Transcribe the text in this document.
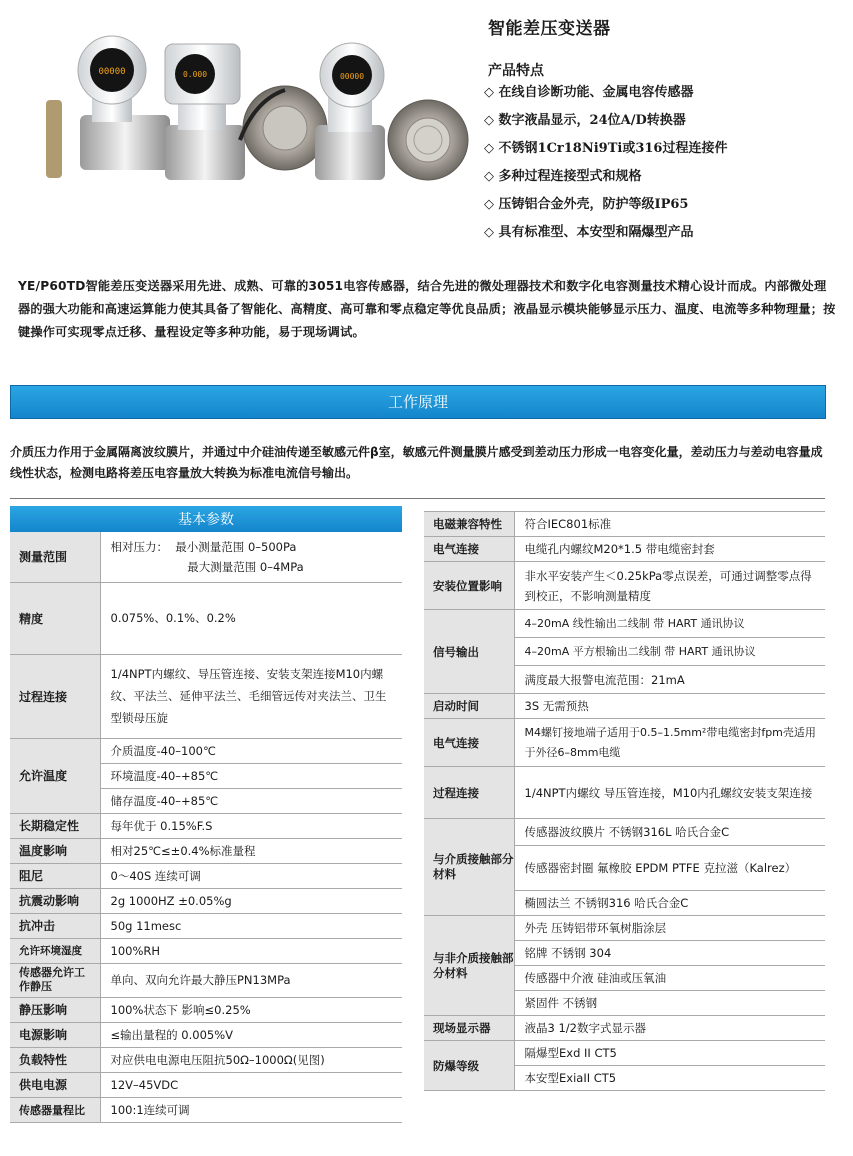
00000	0.000	00000
智能差压变送器
产品特点
◇ 在线自诊断功能、金属电容传感器
◇ 数字液晶显示，24位A/D转换器
◇ 不锈钢1Cr18Ni9Ti或316过程连接件
◇ 多种过程连接型式和规格
◇ 压铸铝合金外壳，防护等级IP65
◇ 具有标准型、本安型和隔爆型产品

YE/P60TD智能差压变送器采用先进、成熟、可靠的3051电容传感器，结合先进的微处理器技术和数字化电容测量技术精心设计而成。内部微处理器的强大功能和高速运算能力使其具备了智能化、高精度、高可靠和零点稳定等优良品质；液晶显示模块能够显示压力、温度、电流等多种物理量；按键操作可实现零点迁移、量程设定等多种功能，易于现场调试。

工作原理

介质压力作用于金属隔离波纹膜片，并通过中介硅油传递至敏感元件β室，敏感元件测量膜片感受到差动压力形成一电容变化量，差动压力与差动电容量成线性状态，检测电路将差压电容量放大转换为标准电流信号输出。

基本参数	
测量范围	相对压力：  最小测量范围 0–500Pa
最大测量范围 0–4MPa
精度	0.075%、0.1%、0.2%
过程连接	1/4NPT内螺纹、导压管连接、安装支架连接M10内螺纹、平法兰、延伸平法兰、毛细管远传对夹法兰、卫生型锁母压旋
允许温度	介质温度-40–100℃
	环境温度-40–+85℃
	储存温度-40–+85℃
长期稳定性	每年优于 0.15%F.S
温度影响	相对25℃≤±0.4%标准量程
阻尼	0～40S 连续可调
抗震动影响	2g 1000HZ ±0.05%g
抗冲击	50g 11mesc
允许环境湿度	100%RH
传感器允许工作静压	单向、双向允许最大静压PN13MPa
静压影响	100%状态下 影响≤0.25%
电源影响	≤输出量程的 0.005%V
负载特性	对应供电电源电压阻抗50Ω–1000Ω(见图)
供电电源	12V–45VDC
传感器量程比	100:1连续可调
电磁兼容特性	符合IEC801标准
电气连接	电缆孔内螺纹M20*1.5 带电缆密封套
安装位置影响	非水平安装产生＜0.25kPa零点误差，可通过调整零点得到校正，不影响测量精度
信号输出	4–20mA 线性输出二线制 带 HART 通讯协议
	4–20mA 平方根输出二线制 带 HART 通讯协议
	满度最大报警电流范围：21mA
启动时间	3S 无需预热
电气连接	M4螺钉接地端子适用于0.5–1.5mm²带电缆密封fpm壳适用于外径6–8mm电缆
过程连接	1/4NPT内螺纹 导压管连接，M10内孔螺纹安装支架连接
与介质接触部分材料	传感器波纹膜片 不锈钢316L 哈氏合金C
	传感器密封圈 氟橡胶 EPDM PTFE 克拉滋（Kalrez）
	椭圆法兰 不锈钢316 哈氏合金C
与非介质接触部分材料	外壳 压铸铝带环氧树脂涂层
	铭牌 不锈钢 304
	传感器中介液 硅油或压氧油
	紧固件 不锈钢
现场显示器	液晶3 1/2数字式显示器
防爆等级	隔爆型Exd II CT5
	本安型ExiaII CT5
